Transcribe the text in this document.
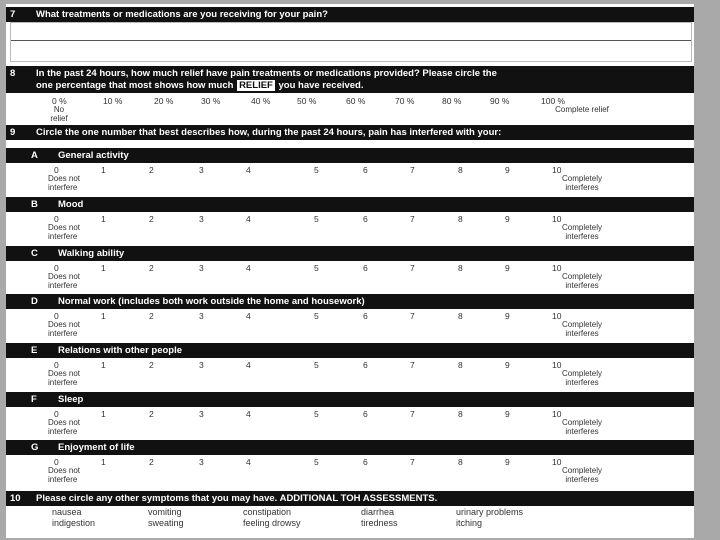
7 What treatments or medications are you receiving for your pain?
8 In the past 24 hours, how much relief have pain treatments or medications provided? Please circle the
one percentage that most shows how much RELIEF you have received.
0 %	10 %	20 %	30 %	40 %	50 %	60 %	70 %	80 %	90 %	100 %
No relief
Complete relief
9 Circle the one number that best describes how, during the past 24 hours, pain has interfered with your:
A General activity
0	1	2	3	4	5	6	7	8	9	10
Does not interfere
Completely interferes
B Mood
0	1	2	3	4	5	6	7	8	9	10
Does not interfere
Completely interferes
C Walking ability
0	1	2	3	4	5	6	7	8	9	10
Does not interfere
Completely interferes
D Normal work (includes both work outside the home and housework)
0	1	2	3	4	5	6	7	8	9	10
Does not interfere
Completely interferes
E Relations with other people
0	1	2	3	4	5	6	7	8	9	10
Does not interfere
Completely interferes
F Sleep
0	1	2	3	4	5	6	7	8	9	10
Does not interfere
Completely interferes
G Enjoyment of life
0	1	2	3	4	5	6	7	8	9	10
Does not interfere
Completely interferes
10 Please circle any other symptoms that you may have. ADDITIONAL TOH ASSESSMENTS.
nausea	vomiting	constipation	diarrhea	urinary problems
indigestion	sweating	feeling drowsy	tiredness	itching
